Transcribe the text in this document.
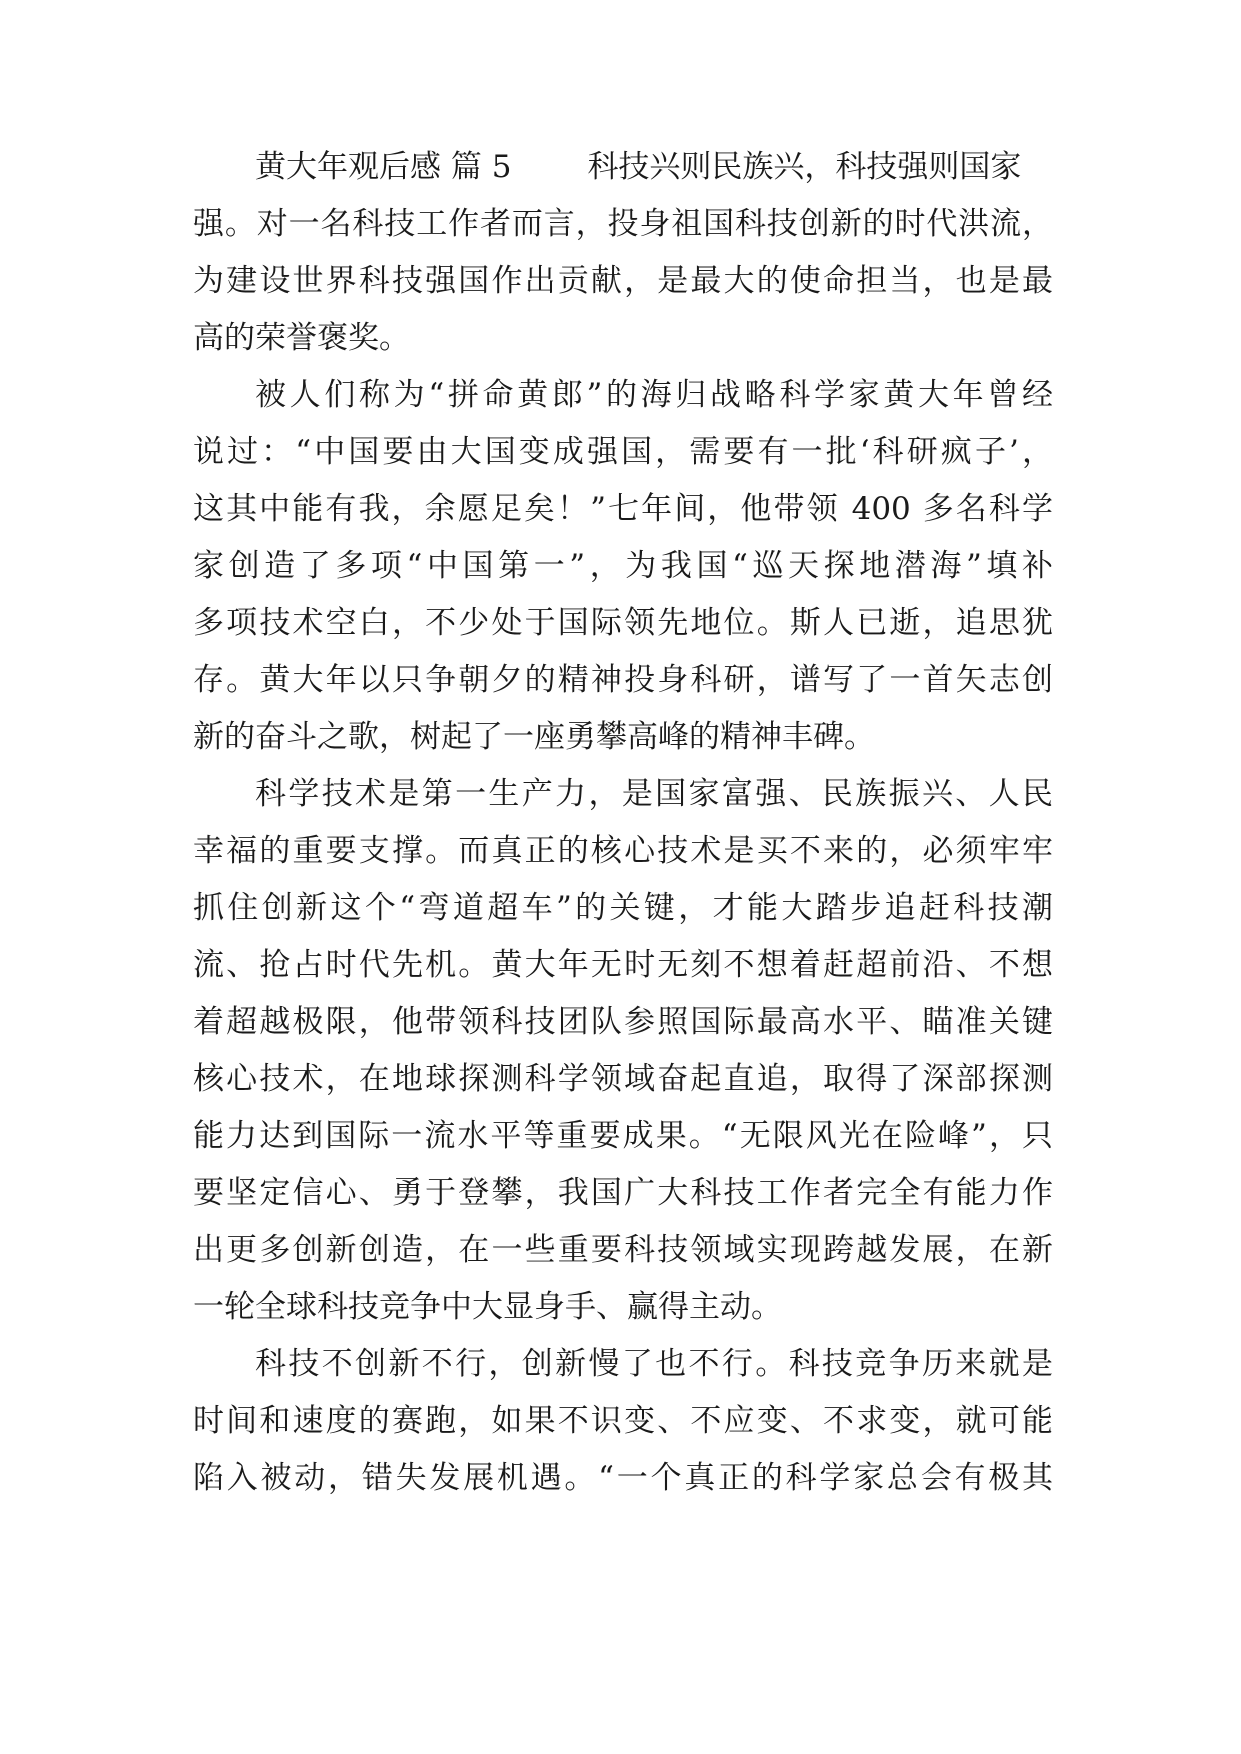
黄大年观后感 篇 5 科技兴则民族兴，科技强则国家
强。对一名科技工作者而言，投身祖国科技创新的时代洪流，
为建设世界科技强国作出贡献，是最大的使命担当，也是最
高的荣誉褒奖。
被人们称为“拼命黄郎”的海归战略科学家黄大年曾经
说过：“中国要由大国变成强国，需要有一批‘科研疯子’，
这其中能有我，余愿足矣！”七年间，他带领 400 多名科学
家创造了多项“中国第一”，为我国“巡天探地潜海”填补
多项技术空白，不少处于国际领先地位。斯人已逝，追思犹
存。黄大年以只争朝夕的精神投身科研，谱写了一首矢志创
新的奋斗之歌，树起了一座勇攀高峰的精神丰碑。
科学技术是第一生产力，是国家富强、民族振兴、人民
幸福的重要支撑。而真正的核心技术是买不来的，必须牢牢
抓住创新这个“弯道超车”的关键，才能大踏步追赶科技潮
流、抢占时代先机。黄大年无时无刻不想着赶超前沿、不想
着超越极限，他带领科技团队参照国际最高水平、瞄准关键
核心技术，在地球探测科学领域奋起直追，取得了深部探测
能力达到国际一流水平等重要成果。“无限风光在险峰”，只
要坚定信心、勇于登攀，我国广大科技工作者完全有能力作
出更多创新创造，在一些重要科技领域实现跨越发展，在新
一轮全球科技竞争中大显身手、赢得主动。
科技不创新不行，创新慢了也不行。科技竞争历来就是
时间和速度的赛跑，如果不识变、不应变、不求变，就可能
陷入被动，错失发展机遇。“一个真正的科学家总会有极其
